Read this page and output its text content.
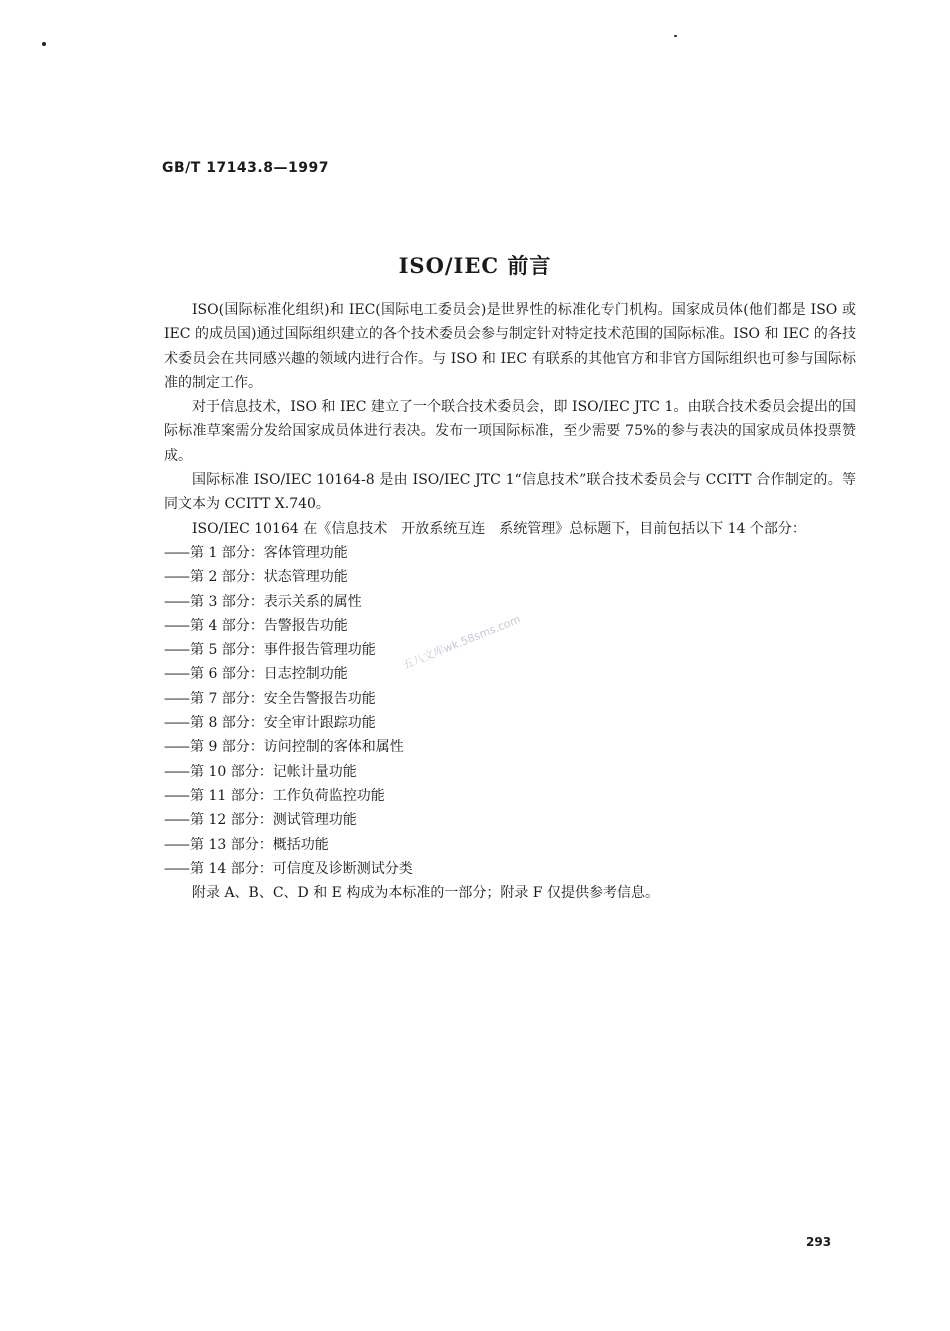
GB/T 17143.8—1997
ISO/IEC 前言

ISO(国际标准化组织)和 IEC(国际电工委员会)是世界性的标准化专门机构。国家成员体(他们都是 ISO 或 IEC 的成员国)通过国际组织建立的各个技术委员会参与制定针对特定技术范围的国际标准。ISO 和 IEC 的各技术委员会在共同感兴趣的领域内进行合作。与 ISO 和 IEC 有联系的其他官方和非官方国际组织也可参与国际标准的制定工作。

对于信息技术，ISO 和 IEC 建立了一个联合技术委员会，即 ISO/IEC JTC 1。由联合技术委员会提出的国际标准草案需分发给国家成员体进行表决。发布一项国际标准，至少需要 75%的参与表决的国家成员体投票赞成。

国际标准 ISO/IEC 10164-8 是由 ISO/IEC JTC 1“信息技术”联合技术委员会与 CCITT 合作制定的。等同文本为 CCITT X.740。

ISO/IEC 10164 在《信息技术　开放系统互连　系统管理》总标题下，目前包括以下 14 个部分：

—— 第 1 部分：客体管理功能
—— 第 2 部分：状态管理功能
—— 第 3 部分：表示关系的属性
—— 第 4 部分：告警报告功能
—— 第 5 部分：事件报告管理功能
—— 第 6 部分：日志控制功能
—— 第 7 部分：安全告警报告功能
—— 第 8 部分：安全审计跟踪功能
—— 第 9 部分：访问控制的客体和属性
—— 第 10 部分：记帐计量功能
—— 第 11 部分：工作负荷监控功能
—— 第 12 部分：测试管理功能
—— 第 13 部分：概括功能
—— 第 14 部分：可信度及诊断测试分类

附录 A、B、C、D 和 E 构成为本标准的一部分；附录 F 仅提供参考信息。

五八文库wk.58sms.com
293
